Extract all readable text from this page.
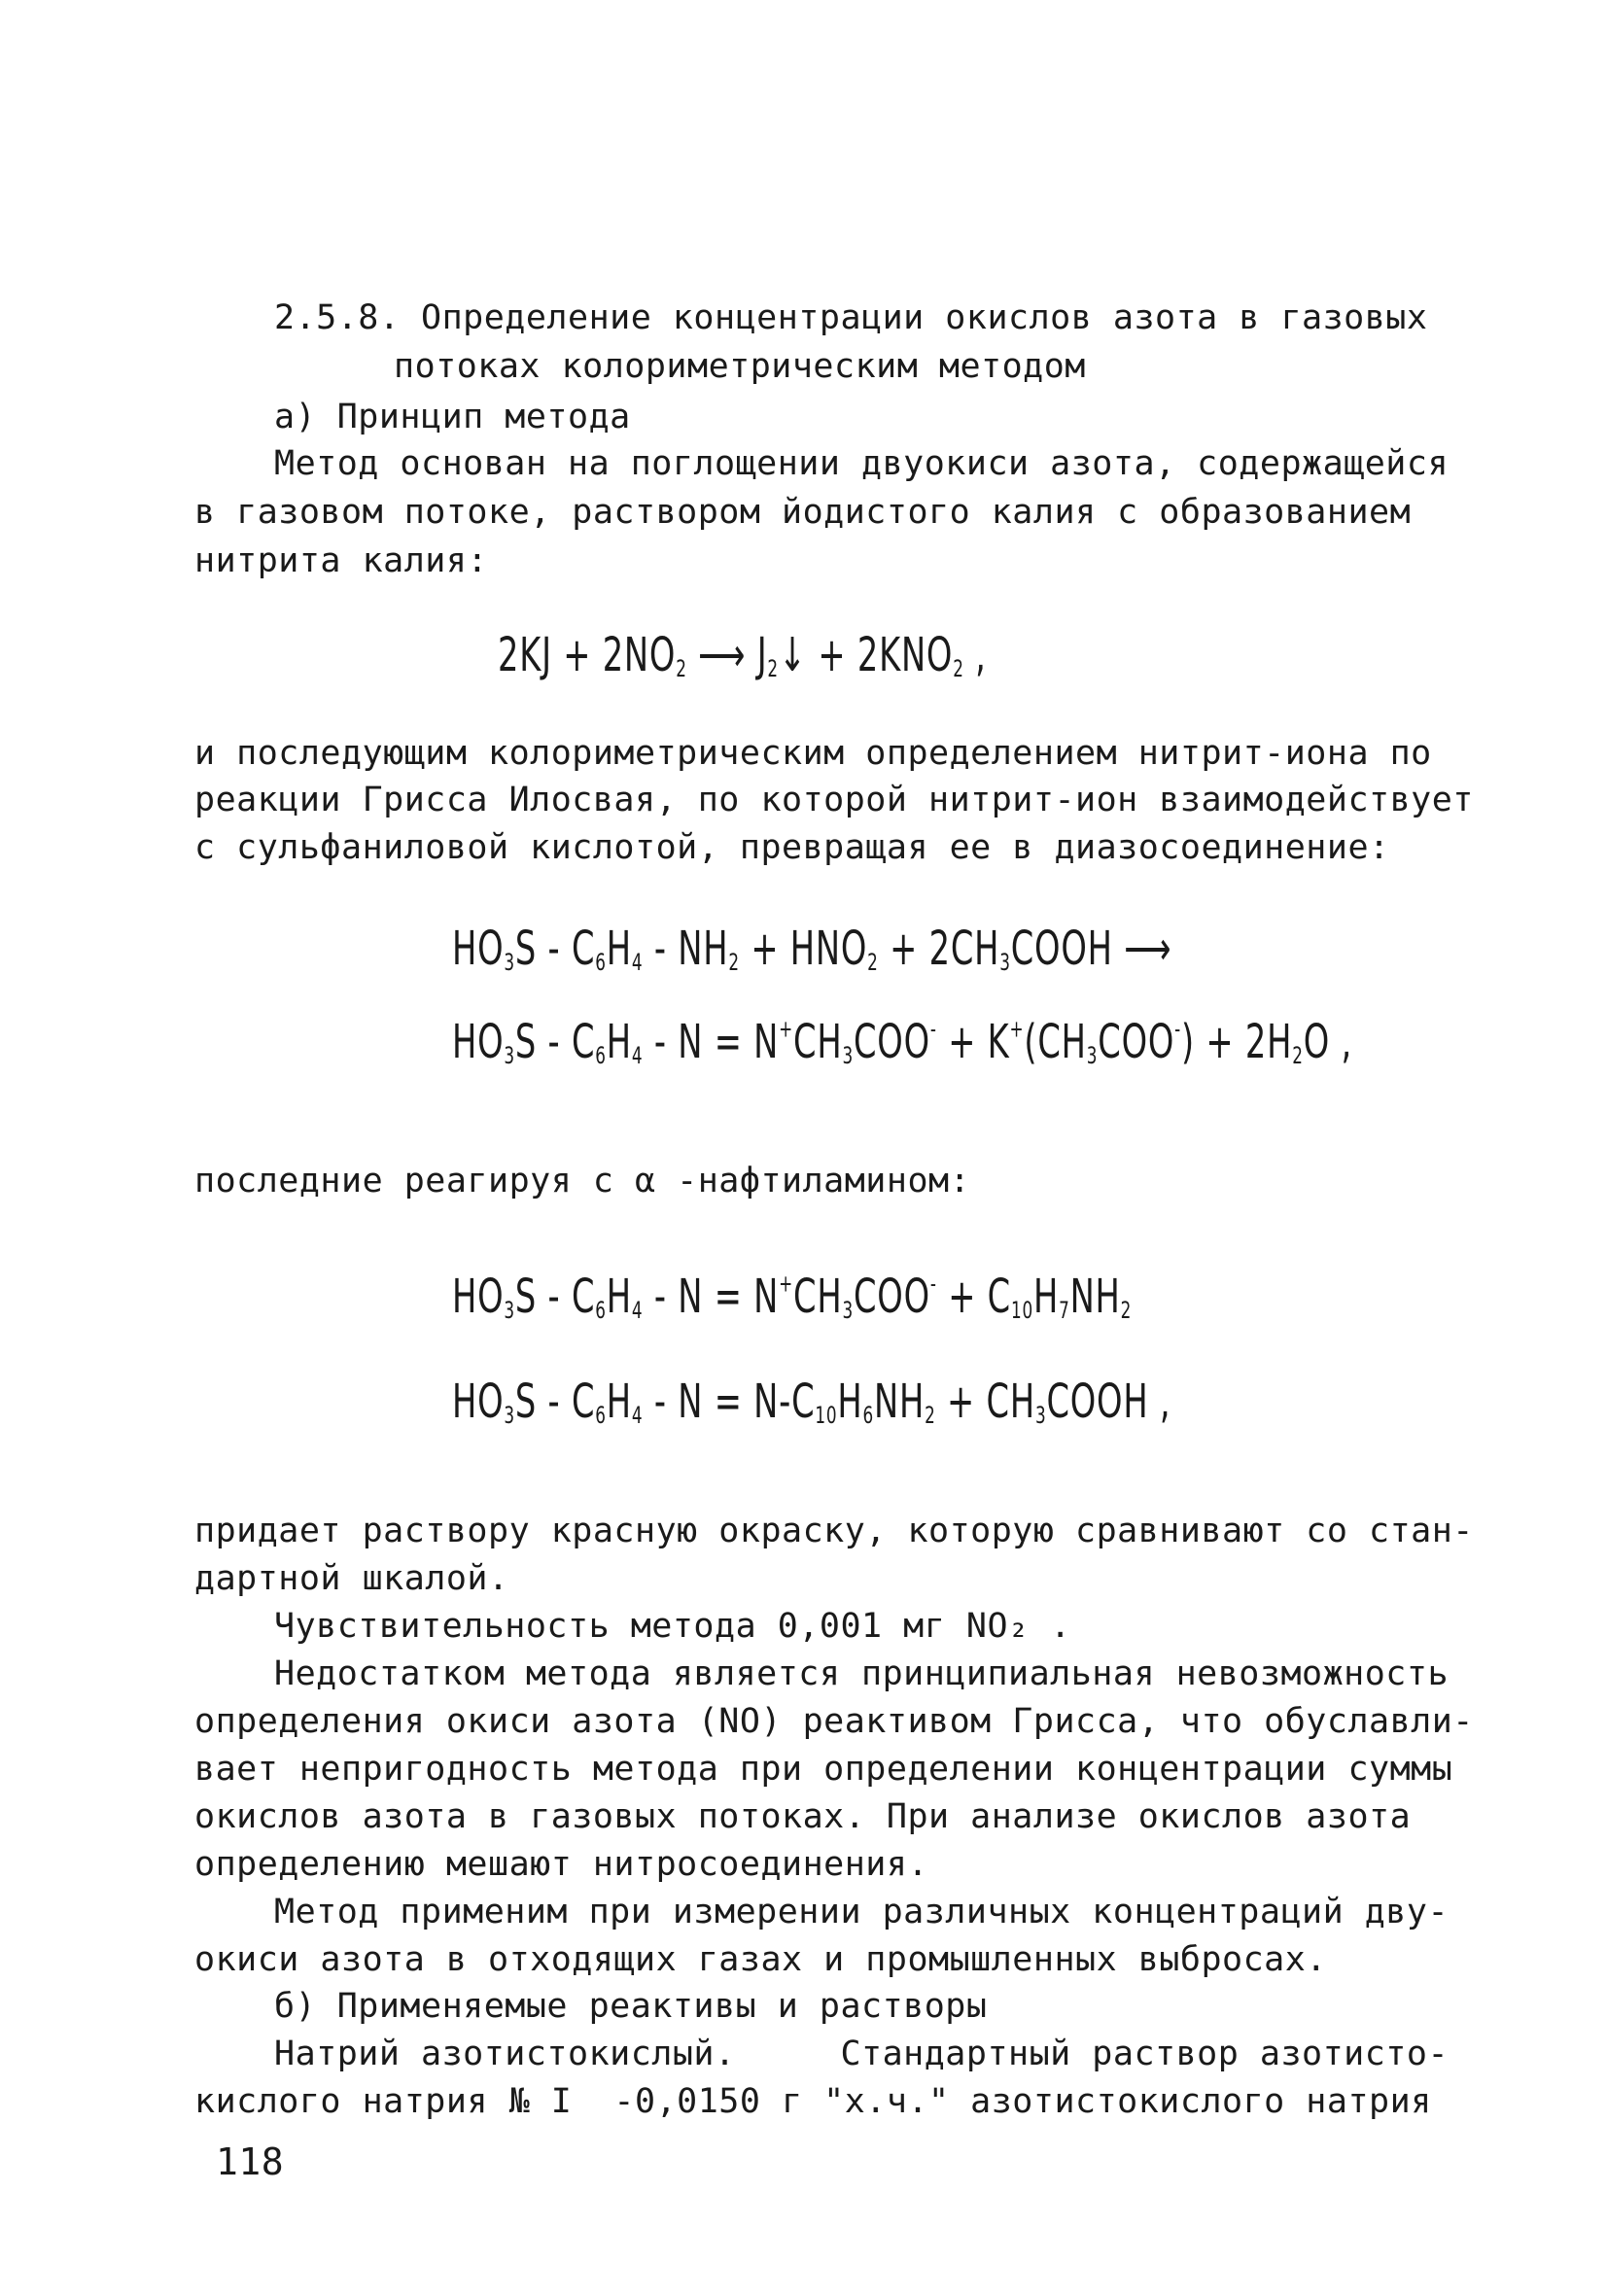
2.5.8. Определение концентрации окислов азота в газовых
потоках колориметрическим методом
а) Принцип метода
Метод основан на поглощении двуокиси азота, содержащейся
в газовом потоке, раствором йодистого калия с образованием
нитрита калия:
$2KJ + 2NO_2$ ⟶ $J_2↓ + 2KNO_2$ ,
и последующим колориметрическим определением нитрит-иона по
реакции Грисса Илосвая, по которой нитрит-ион взаимодействует
с сульфаниловой кислотой, превращая ее в диазосоединение:
$HO_3S - C_6H_4 - NH_2 + HNO_2$ + $2CH_3COOH$ ⟶
$HO_3S - C_6H_4 - N = N^+CH_3COO^- + K^+(CH_3COO^-) + 2H_2O$ ,
последние реагируя с α -нафтиламином:
$HO_3S - C_6H_4 - N = N^+CH_3COO^- + C_{10}H_7NH_2$
$HO_3S - C_6H_4 - N = N-C_{10}H_6NH_2$ + $CH_3COOH$ ,
придает раствору красную окраску, которую сравнивают со стан-
дартной шкалой.
Чувствительность метода 0,001 мг NO₂ .
Недостатком метода является принципиальная невозможность
определения окиси азота (NO) реактивом Грисса, что обуславли-
вает непригодность метода при определении концентрации суммы
окислов азота в газовых потоках. При анализе окислов азота
определению мешают нитросоединения.
Метод применим при измерении различных концентраций дву-
окиси азота в отходящих газах и промышленных выбросах.
б) Применяемые реактивы и растворы
Натрий азотистокислый.     Стандартный раствор азотисто-
кислого натрия № I  -0,0150 г "х.ч." азотистокислого натрия
118
